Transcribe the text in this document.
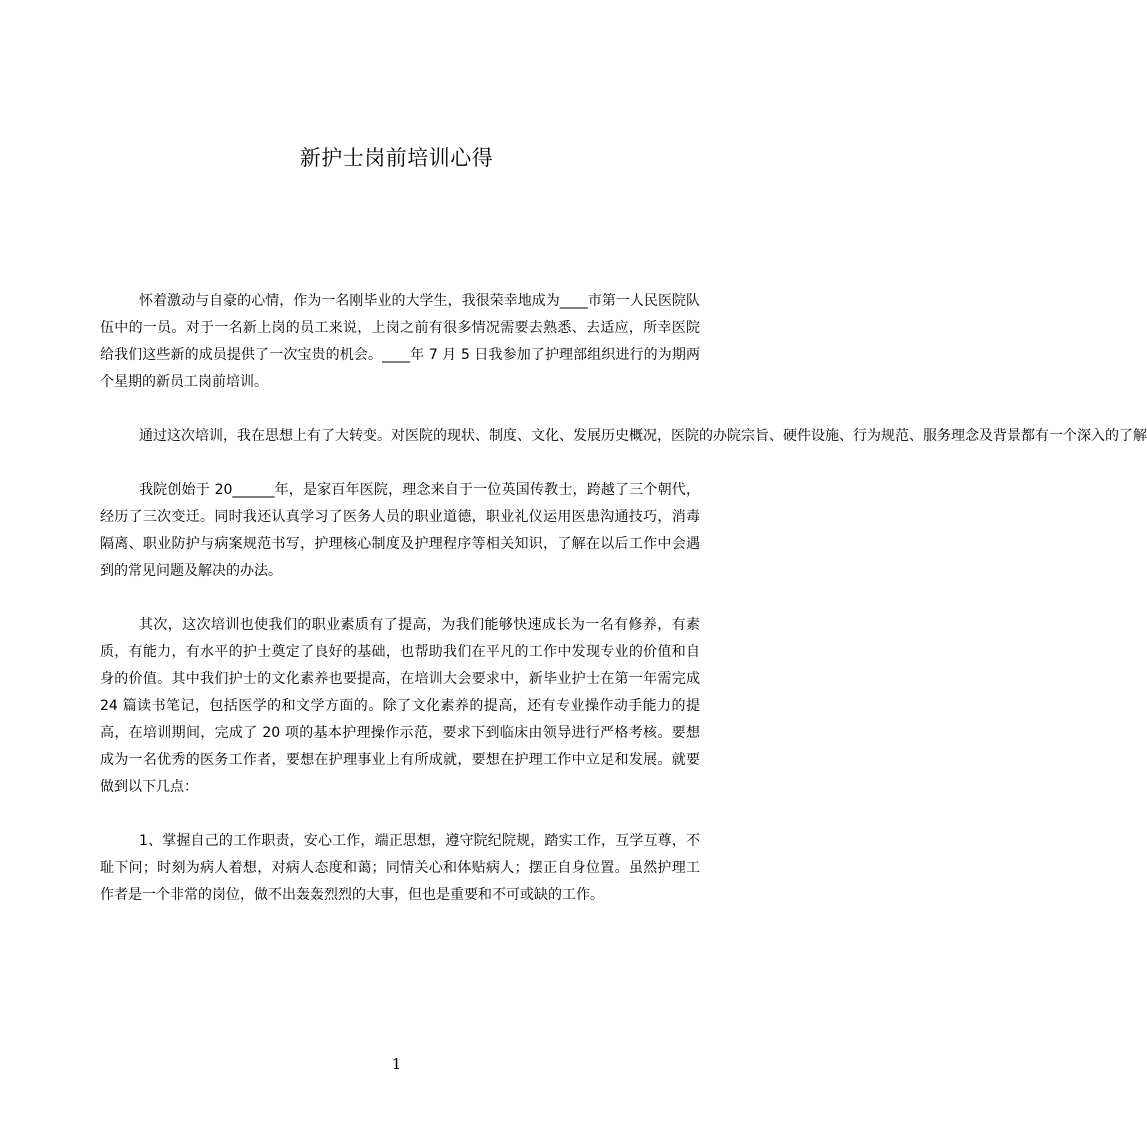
新护士岗前培训心得

怀着激动与自豪的心情，作为一名刚毕业的大学生，我很荣幸地成为____市第一人民医院队伍中的一员。对于一名新上岗的员工来说，上岗之前有很多情况需要去熟悉、去适应，所幸医院给我们这些新的成员提供了一次宝贵的机会。____年 7 月 5 日我参加了护理部组织进行的为期两个星期的新员工岗前培训。

通过这次培训，我在思想上有了大转变。对医院的现状、制度、文化、发展历史概况，医院的办院宗旨、硬件设施、行为规范、服务理念及背景都有一个深入的了解

我院创始于 20______年，是家百年医院，理念来自于一位英国传教士，跨越了三个朝代，经历了三次变迁。同时我还认真学习了医务人员的职业道德，职业礼仪运用医患沟通技巧，消毒隔离、职业防护与病案规范书写，护理核心制度及护理程序等相关知识，了解在以后工作中会遇到的常见问题及解决的办法。

其次，这次培训也使我们的职业素质有了提高，为我们能够快速成长为一名有修养，有素质，有能力，有水平的护士奠定了良好的基础，也帮助我们在平凡的工作中发现专业的价值和自身的价值。其中我们护士的文化素养也要提高，在培训大会要求中，新毕业护士在第一年需完成 24 篇读书笔记，包括医学的和文学方面的。除了文化素养的提高，还有专业操作动手能力的提高，在培训期间，完成了 20 项的基本护理操作示范，要求下到临床由领导进行严格考核。要想成为一名优秀的医务工作者，要想在护理事业上有所成就，要想在护理工作中立足和发展。就要做到以下几点：

1、掌握自己的工作职责，安心工作，端正思想，遵守院纪院规，踏实工作，互学互尊，不耻下问；时刻为病人着想，对病人态度和蔼；同情关心和体贴病人；摆正自身位置。虽然护理工作者是一个非常的岗位，做不出轰轰烈烈的大事，但也是重要和不可或缺的工作。

1
